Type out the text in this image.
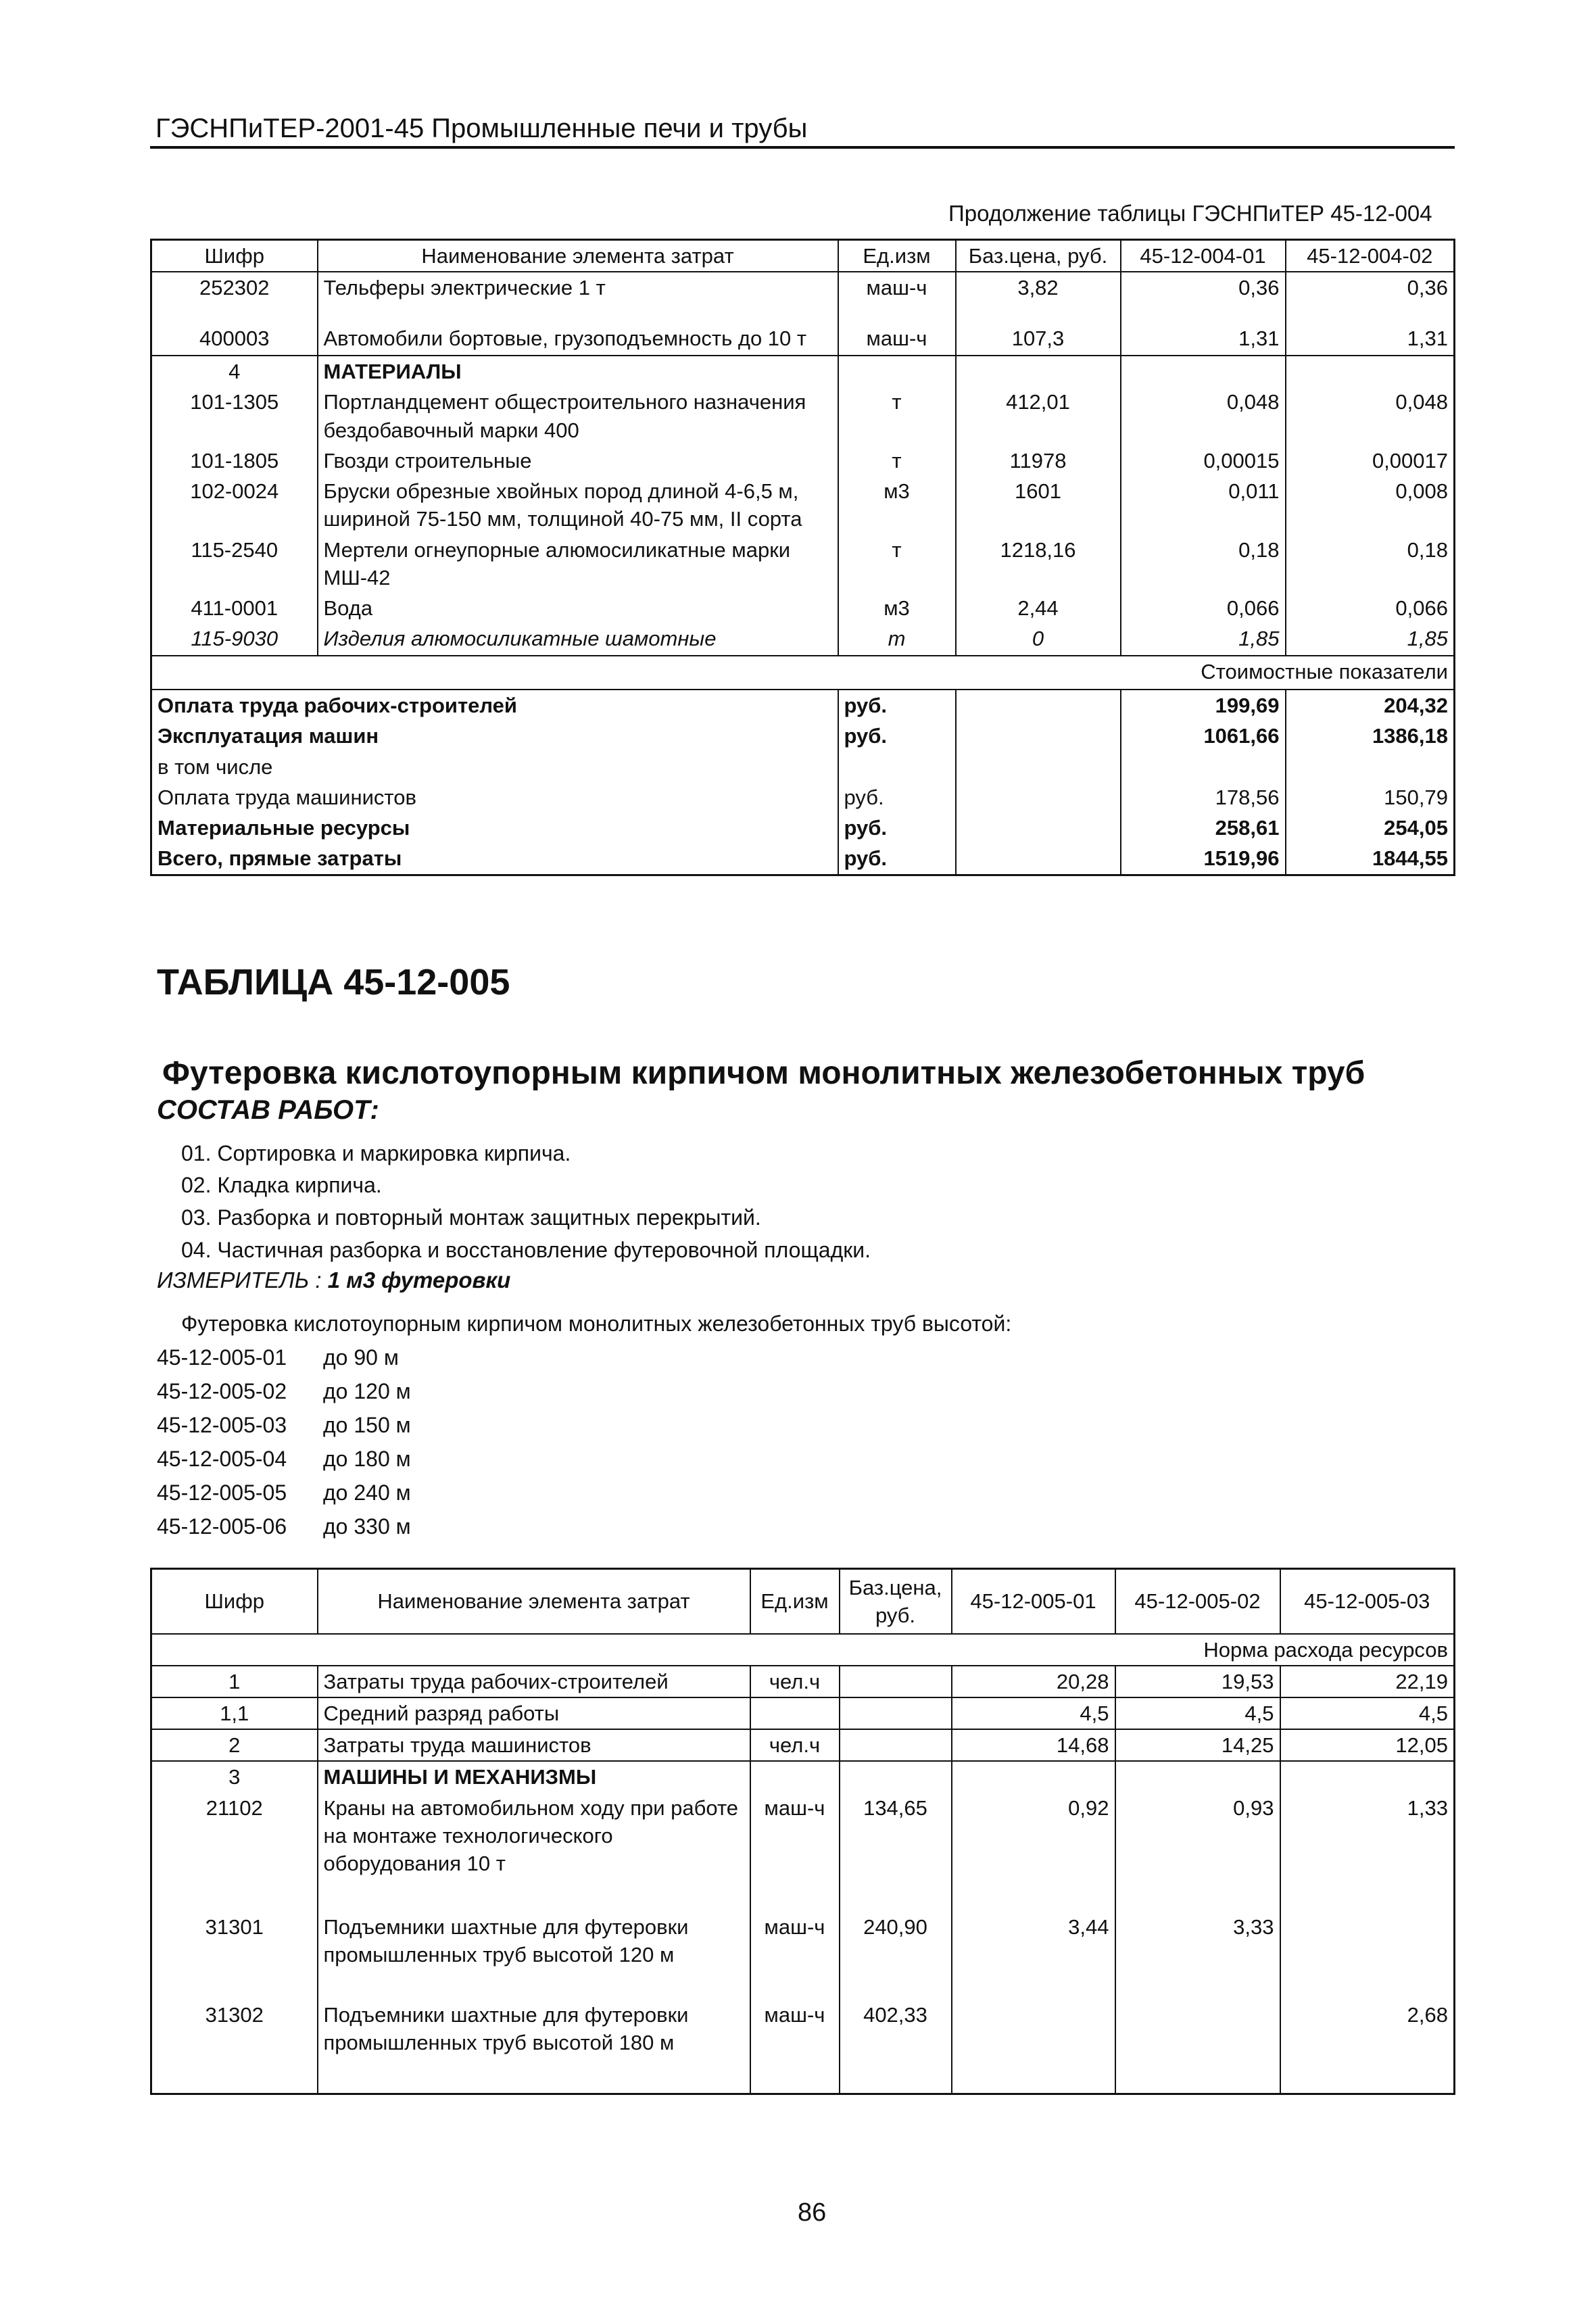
ГЭСНПиТЕР-2001-45 Промышленные печи и трубы
Продолжение таблицы ГЭСНПиТЕР 45-12-004
Шифр	Наименование элемента затрат	Ед.изм	Баз.цена, руб.	45-12-004-01	45-12-004-02
252302	Тельферы электрические 1 т	маш-ч	3,82	0,36	0,36
400003	Автомобили бортовые, грузоподъемность до 10 т	маш-ч	107,3	1,31	1,31
4	МАТЕРИАЛЫ				
101-1305	Портландцемент общестроительного назначения бездобавочный марки 400	т	412,01	0,048	0,048
101-1805	Гвозди строительные	т	11978	0,00015	0,00017
102-0024	Бруски обрезные хвойных пород длиной 4-6,5 м, шириной 75-150 мм, толщиной 40-75 мм, II сорта	м3	1601	0,011	0,008
115-2540	Мертели огнеупорные алюмосиликатные марки МШ-42	т	1218,16	0,18	0,18
411-0001	Вода	м3	2,44	0,066	0,066
115-9030	Изделия алюмосиликатные шамотные	т	0	1,85	1,85
Стоимостные показатели					
Оплата труда рабочих-строителей		руб.		199,69	204,32
Эксплуатация машин		руб.		1061,66	1386,18
в том числе					
Оплата труда машинистов		руб.		178,56	150,79
Материальные ресурсы		руб.		258,61	254,05
Всего, прямые затраты		руб.		1519,96	1844,55
ТАБЛИЦА 45-12-005
Футеровка кислотоупорным кирпичом монолитных железобетонных труб
СОСТАВ РАБОТ:
01. Сортировка и маркировка кирпича.
02. Кладка кирпича.
03. Разборка и повторный монтаж защитных перекрытий.
04. Частичная разборка и восстановление футеровочной площадки.
ИЗМЕРИТЕЛЬ : 1 м3 футеровки
Футеровка кислотоупорным кирпичом монолитных железобетонных труб высотой:
45-12-005-01 до 90 м
45-12-005-02 до 120 м
45-12-005-03 до 150 м
45-12-005-04 до 180 м
45-12-005-05 до 240 м
45-12-005-06 до 330 м
Шифр	Наименование элемента затрат	Ед.изм	Баз.цена, руб.	45-12-005-01	45-12-005-02	45-12-005-03
Норма расхода ресурсов						
1	Затраты труда рабочих-строителей	чел.ч		20,28	19,53	22,19
1,1	Средний разряд работы			4,5	4,5	4,5
2	Затраты труда машинистов	чел.ч		14,68	14,25	12,05
3	МАШИНЫ И МЕХАНИЗМЫ					
21102	Краны на автомобильном ходу при работе на монтаже технологического оборудования 10 т	маш-ч	134,65	0,92	0,93	1,33
31301	Подъемники шахтные для футеровки промышленных труб высотой 120 м	маш-ч	240,90	3,44	3,33	
31302	Подъемники шахтные для футеровки промышленных труб высотой 180 м	маш-ч	402,33			2,68
86
